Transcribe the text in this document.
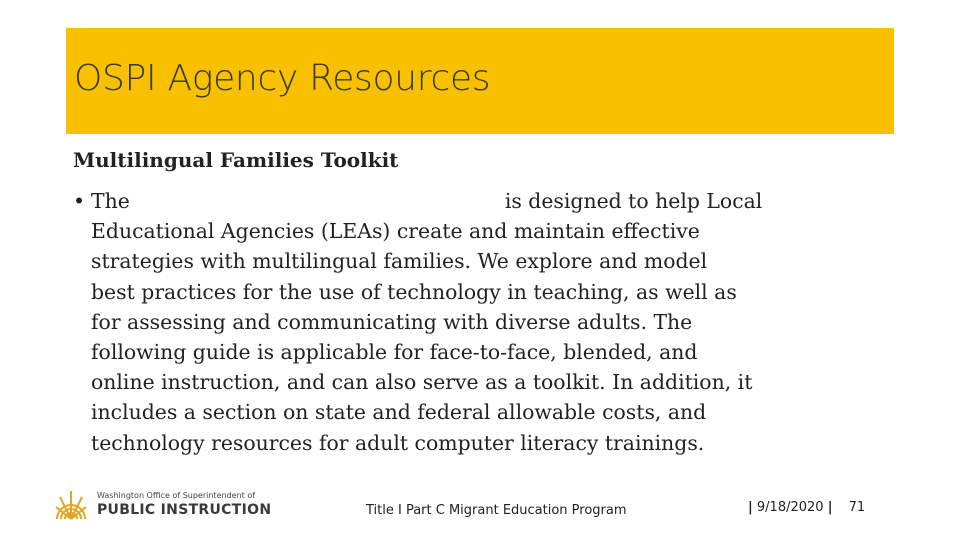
OSPI Agency Resources
Multilingual Families Toolkit
• The	is designed to help Local
Educational Agencies (LEAs) create and maintain effective
strategies with multilingual families. We explore and model
best practices for the use of technology in teaching, as well as
for assessing and communicating with diverse adults. The
following guide is applicable for face-to-face, blended, and
online instruction, and can also serve as a toolkit. In addition, it
includes a section on state and federal allowable costs, and
technology resources for adult computer literacy trainings.
Washington Office of Superintendent of
PUBLIC INSTRUCTION	Title I Part C Migrant Education Program	| 9/18/2020 | 71
